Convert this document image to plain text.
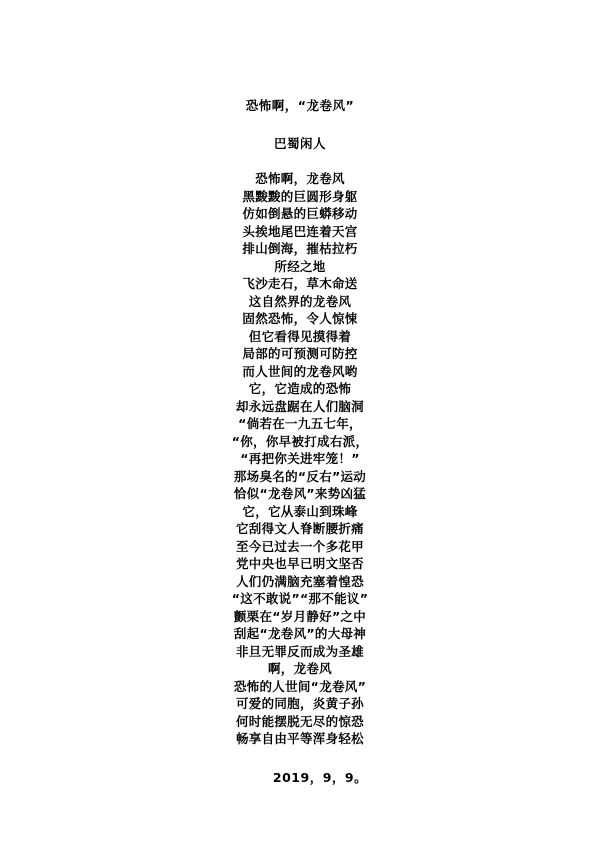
恐怖啊，“龙卷风”
巴蜀闲人
恐怖啊，龙卷风
黑黢黢的巨圆形身躯
仿如倒悬的巨蟒移动
头挨地尾巴连着天宫
排山倒海，摧枯拉朽
所经之地
飞沙走石，草木命送
这自然界的龙卷风
固然恐怖，令人惊悚
但它看得见摸得着
局部的可预测可防控
而人世间的龙卷风哟
它，它造成的恐怖
却永远盘踞在人们脑洞
“倘若在一九五七年，
“你，你早被打成右派，
“再把你关进牢笼！”
那场臭名的“反右”运动
恰似“龙卷风”来势凶猛
它，它从泰山到珠峰
它刮得文人脊断腰折痛
至今已过去一个多花甲
党中央也早已明文坚否
人们仍满脑充塞着惶恐
“这不敢说”“那不能议”
颤栗在“岁月静好”之中
刮起“龙卷风”的大母神
非旦无罪反而成为圣雄
啊，龙卷风
恐怖的人世间“龙卷风”
可爱的同胞，炎黄子孙
何时能摆脱无尽的惊恐
畅享自由平等浑身轻松
2019，9，9。
